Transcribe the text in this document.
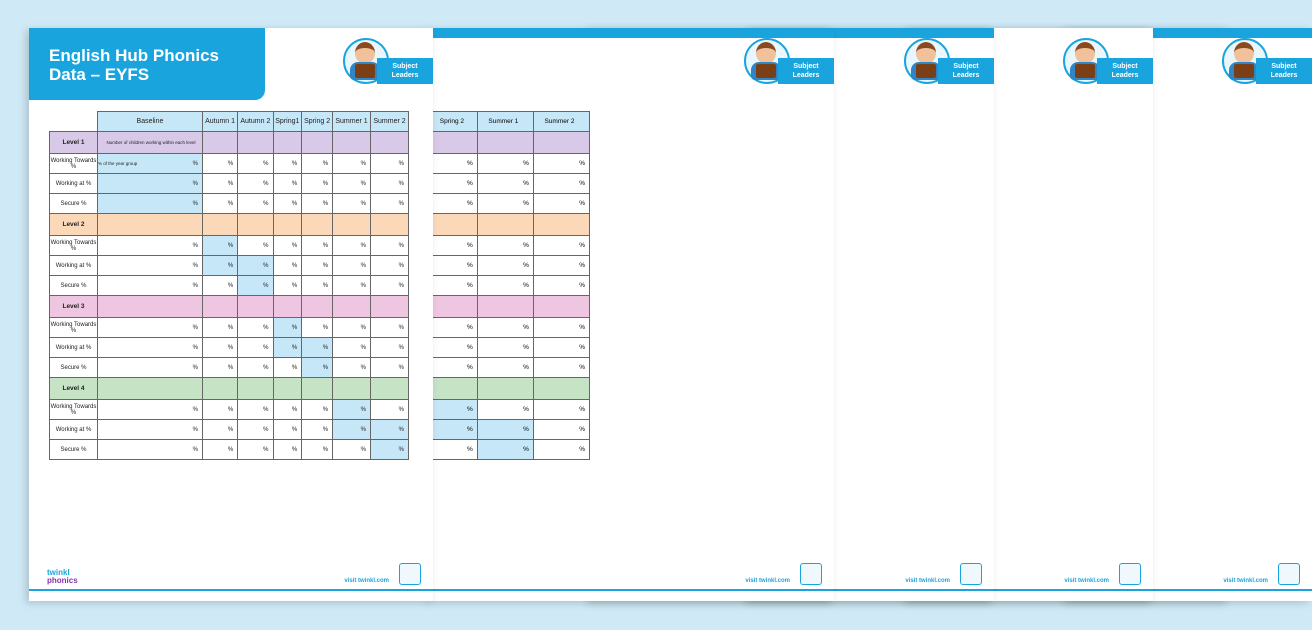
Subject
Leaders

visit twinkl.com
Subject
Leaders

visit twinkl.com
Subject
Leaders

visit twinkl.com
Subject
Leaders
Spring 2	Summer 1	Summer 2

%	%	%
%	%	%
%	%	%

%	%	%
%	%	%
%	%	%

%	%	%
%	%	%
%	%	%

%	%	%
%	%	%
%	%	%
visit twinkl.com
English Hub Phonics
Data – EYFS	Subject
Leaders
	Baseline	Autumn 1	Autumn 2	Spring1	Spring 2	Summer 1	Summer 2
Level 1	Number of children working within each level						
Working Towards %	% of the year group %	%	%	%	%	%	%
Working at %	%	%	%	%	%	%	%
Secure %	%	%	%	%	%	%	%
Level 2							
Working Towards %	%	%	%	%	%	%	%
Working at %	%	%	%	%	%	%	%
Secure %	%	%	%	%	%	%	%
Level 3							
Working Towards %	%	%	%	%	%	%	%
Working at %	%	%	%	%	%	%	%
Secure %	%	%	%	%	%	%	%
Level 4							
Working Towards %	%	%	%	%	%	%	%
Working at %	%	%	%	%	%	%	%
Secure %	%	%	%	%	%	%	%
twinkl
phonics	visit twinkl.com
